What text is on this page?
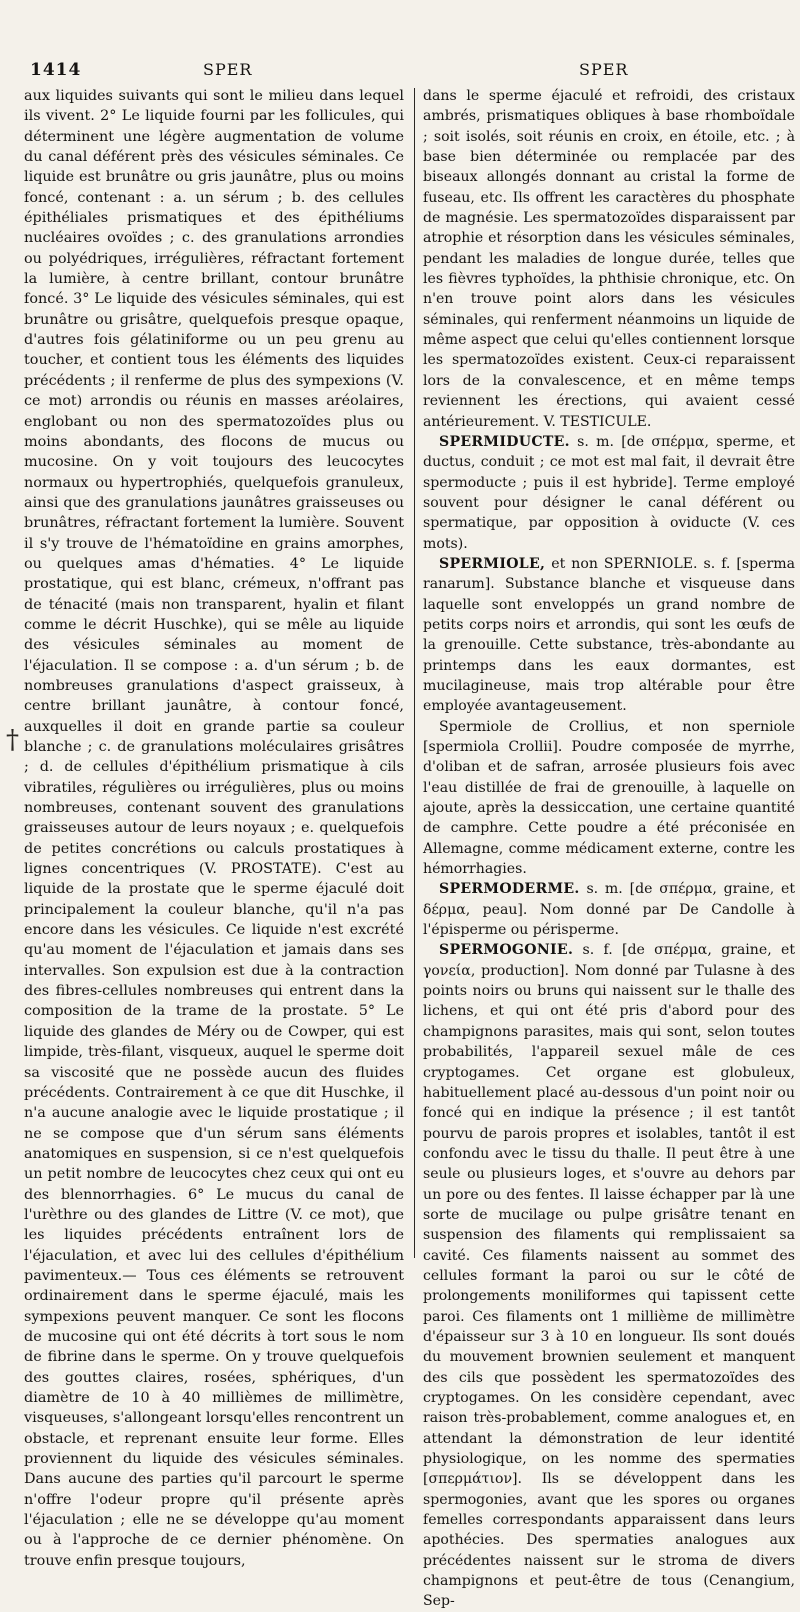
1414	SPER	SPER
†

aux liquides suivants qui sont le milieu dans lequel ils vivent. 2° Le liquide fourni par les follicules, qui déterminent une légère augmentation de volume du canal déférent près des vésicules séminales. Ce liquide est brunâtre ou gris jaunâtre, plus ou moins foncé, contenant : a. un sérum ; b. des cellules épithéliales prismatiques et des épithéliums nucléaires ovoïdes ; c. des granulations arrondies ou polyédriques, irrégulières, réfractant fortement la lumière, à centre brillant, contour brunâtre foncé. 3° Le liquide des vésicules séminales, qui est brunâtre ou grisâtre, quelquefois presque opaque, d'autres fois gélatiniforme ou un peu grenu au toucher, et contient tous les éléments des liquides précédents ; il renferme de plus des sympexions (V. ce mot) arrondis ou réunis en masses aréolaires, englobant ou non des spermatozoïdes plus ou moins abondants, des flocons de mucus ou mucosine. On y voit toujours des leucocytes normaux ou hypertrophiés, quelquefois granuleux, ainsi que des granulations jaunâtres graisseuses ou brunâtres, réfractant fortement la lumière. Souvent il s'y trouve de l'hématoïdine en grains amorphes, ou quelques amas d'hématies. 4° Le liquide prostatique, qui est blanc, crémeux, n'offrant pas de ténacité (mais non transparent, hyalin et filant comme le décrit Huschke), qui se mêle au liquide des vésicules séminales au moment de l'éjaculation. Il se compose : a. d'un sérum ; b. de nombreuses granulations d'aspect graisseux, à centre brillant jaunâtre, à contour foncé, auxquelles il doit en grande partie sa couleur blanche ; c. de granulations moléculaires grisâtres ; d. de cellules d'épithélium prismatique à cils vibratiles, régulières ou irrégulières, plus ou moins nombreuses, contenant souvent des granulations graisseuses autour de leurs noyaux ; e. quelquefois de petites concrétions ou calculs prostatiques à lignes concentriques (V. PROSTATE). C'est au liquide de la prostate que le sperme éjaculé doit principalement la couleur blanche, qu'il n'a pas encore dans les vésicules. Ce liquide n'est excrété qu'au moment de l'éjaculation et jamais dans ses intervalles. Son expulsion est due à la contraction des fibres-cellules nombreuses qui entrent dans la composition de la trame de la prostate. 5° Le liquide des glandes de Méry ou de Cowper, qui est limpide, très-filant, visqueux, auquel le sperme doit sa viscosité que ne possède aucun des fluides précédents. Contrairement à ce que dit Huschke, il n'a aucune analogie avec le liquide prostatique ; il ne se compose que d'un sérum sans éléments anatomiques en suspension, si ce n'est quelquefois un petit nombre de leucocytes chez ceux qui ont eu des blennorrhagies. 6° Le mucus du canal de l'urèthre ou des glandes de Littre (V. ce mot), que les liquides précédents entraînent lors de l'éjaculation, et avec lui des cellules d'épithélium pavimenteux.— Tous ces éléments se retrouvent ordinairement dans le sperme éjaculé, mais les sympexions peuvent manquer. Ce sont les flocons de mucosine qui ont été décrits à tort sous le nom de fibrine dans le sperme. On y trouve quelquefois des gouttes claires, rosées, sphériques, d'un diamètre de 10 à 40 millièmes de millimètre, visqueuses, s'allongeant lorsqu'elles rencontrent un obstacle, et reprenant ensuite leur forme. Elles proviennent du liquide des vésicules séminales. Dans aucune des parties qu'il parcourt le sperme n'offre l'odeur propre qu'il présente après l'éjaculation ; elle ne se développe qu'au moment ou à l'approche de ce dernier phénomène. On trouve enfin presque toujours,

dans le sperme éjaculé et refroidi, des cristaux ambrés, prismatiques obliques à base rhomboïdale ; soit isolés, soit réunis en croix, en étoile, etc. ; à base bien déterminée ou remplacée par des biseaux allongés donnant au cristal la forme de fuseau, etc. Ils offrent les caractères du phosphate de magnésie. Les spermatozoïdes disparaissent par atrophie et résorption dans les vésicules séminales, pendant les maladies de longue durée, telles que les fièvres typhoïdes, la phthisie chronique, etc. On n'en trouve point alors dans les vésicules séminales, qui renferment néanmoins un liquide de même aspect que celui qu'elles contiennent lorsque les spermatozoïdes existent. Ceux-ci reparaissent lors de la convalescence, et en même temps reviennent les érections, qui avaient cessé antérieurement. V. TESTICULE.

SPERMIDUCTE. s. m. [de σπέρμα, sperme, et ductus, conduit ; ce mot est mal fait, il devrait être spermoducte ; puis il est hybride]. Terme employé souvent pour désigner le canal déférent ou spermatique, par opposition à oviducte (V. ces mots).

SPERMIOLE, et non SPERNIOLE. s. f. [sperma ranarum]. Substance blanche et visqueuse dans laquelle sont enveloppés un grand nombre de petits corps noirs et arrondis, qui sont les œufs de la grenouille. Cette substance, très-abondante au printemps dans les eaux dormantes, est mucilagineuse, mais trop altérable pour être employée avantageusement.

Spermiole de Crollius, et non sperniole [spermiola Crollii]. Poudre composée de myrrhe, d'oliban et de safran, arrosée plusieurs fois avec l'eau distillée de frai de grenouille, à laquelle on ajoute, après la dessiccation, une certaine quantité de camphre. Cette poudre a été préconisée en Allemagne, comme médicament externe, contre les hémorrhagies.

SPERMODERME. s. m. [de σπέρμα, graine, et δέρμα, peau]. Nom donné par De Candolle à l'épisperme ou périsperme.

SPERMOGONIE. s. f. [de σπέρμα, graine, et γονεία, production]. Nom donné par Tulasne à des points noirs ou bruns qui naissent sur le thalle des lichens, et qui ont été pris d'abord pour des champignons parasites, mais qui sont, selon toutes probabilités, l'appareil sexuel mâle de ces cryptogames. Cet organe est globuleux, habituellement placé au-dessous d'un point noir ou foncé qui en indique la présence ; il est tantôt pourvu de parois propres et isolables, tantôt il est confondu avec le tissu du thalle. Il peut être à une seule ou plusieurs loges, et s'ouvre au dehors par un pore ou des fentes. Il laisse échapper par là une sorte de mucilage ou pulpe grisâtre tenant en suspension des filaments qui remplissaient sa cavité. Ces filaments naissent au sommet des cellules formant la paroi ou sur le côté de prolongements moniliformes qui tapissent cette paroi. Ces filaments ont 1 millième de millimètre d'épaisseur sur 3 à 10 en longueur. Ils sont doués du mouvement brownien seulement et manquent des cils que possèdent les spermatozoïdes des cryptogames. On les considère cependant, avec raison très-probablement, comme analogues et, en attendant la démonstration de leur identité physiologique, on les nomme des spermaties [σπερμάτιον]. Ils se développent dans les spermogonies, avant que les spores ou organes femelles correspondants apparaissent dans leurs apothécies. Des spermaties analogues aux précédentes naissent sur le stroma de divers champignons et peut-être de tous (Cenangium, Sep-
